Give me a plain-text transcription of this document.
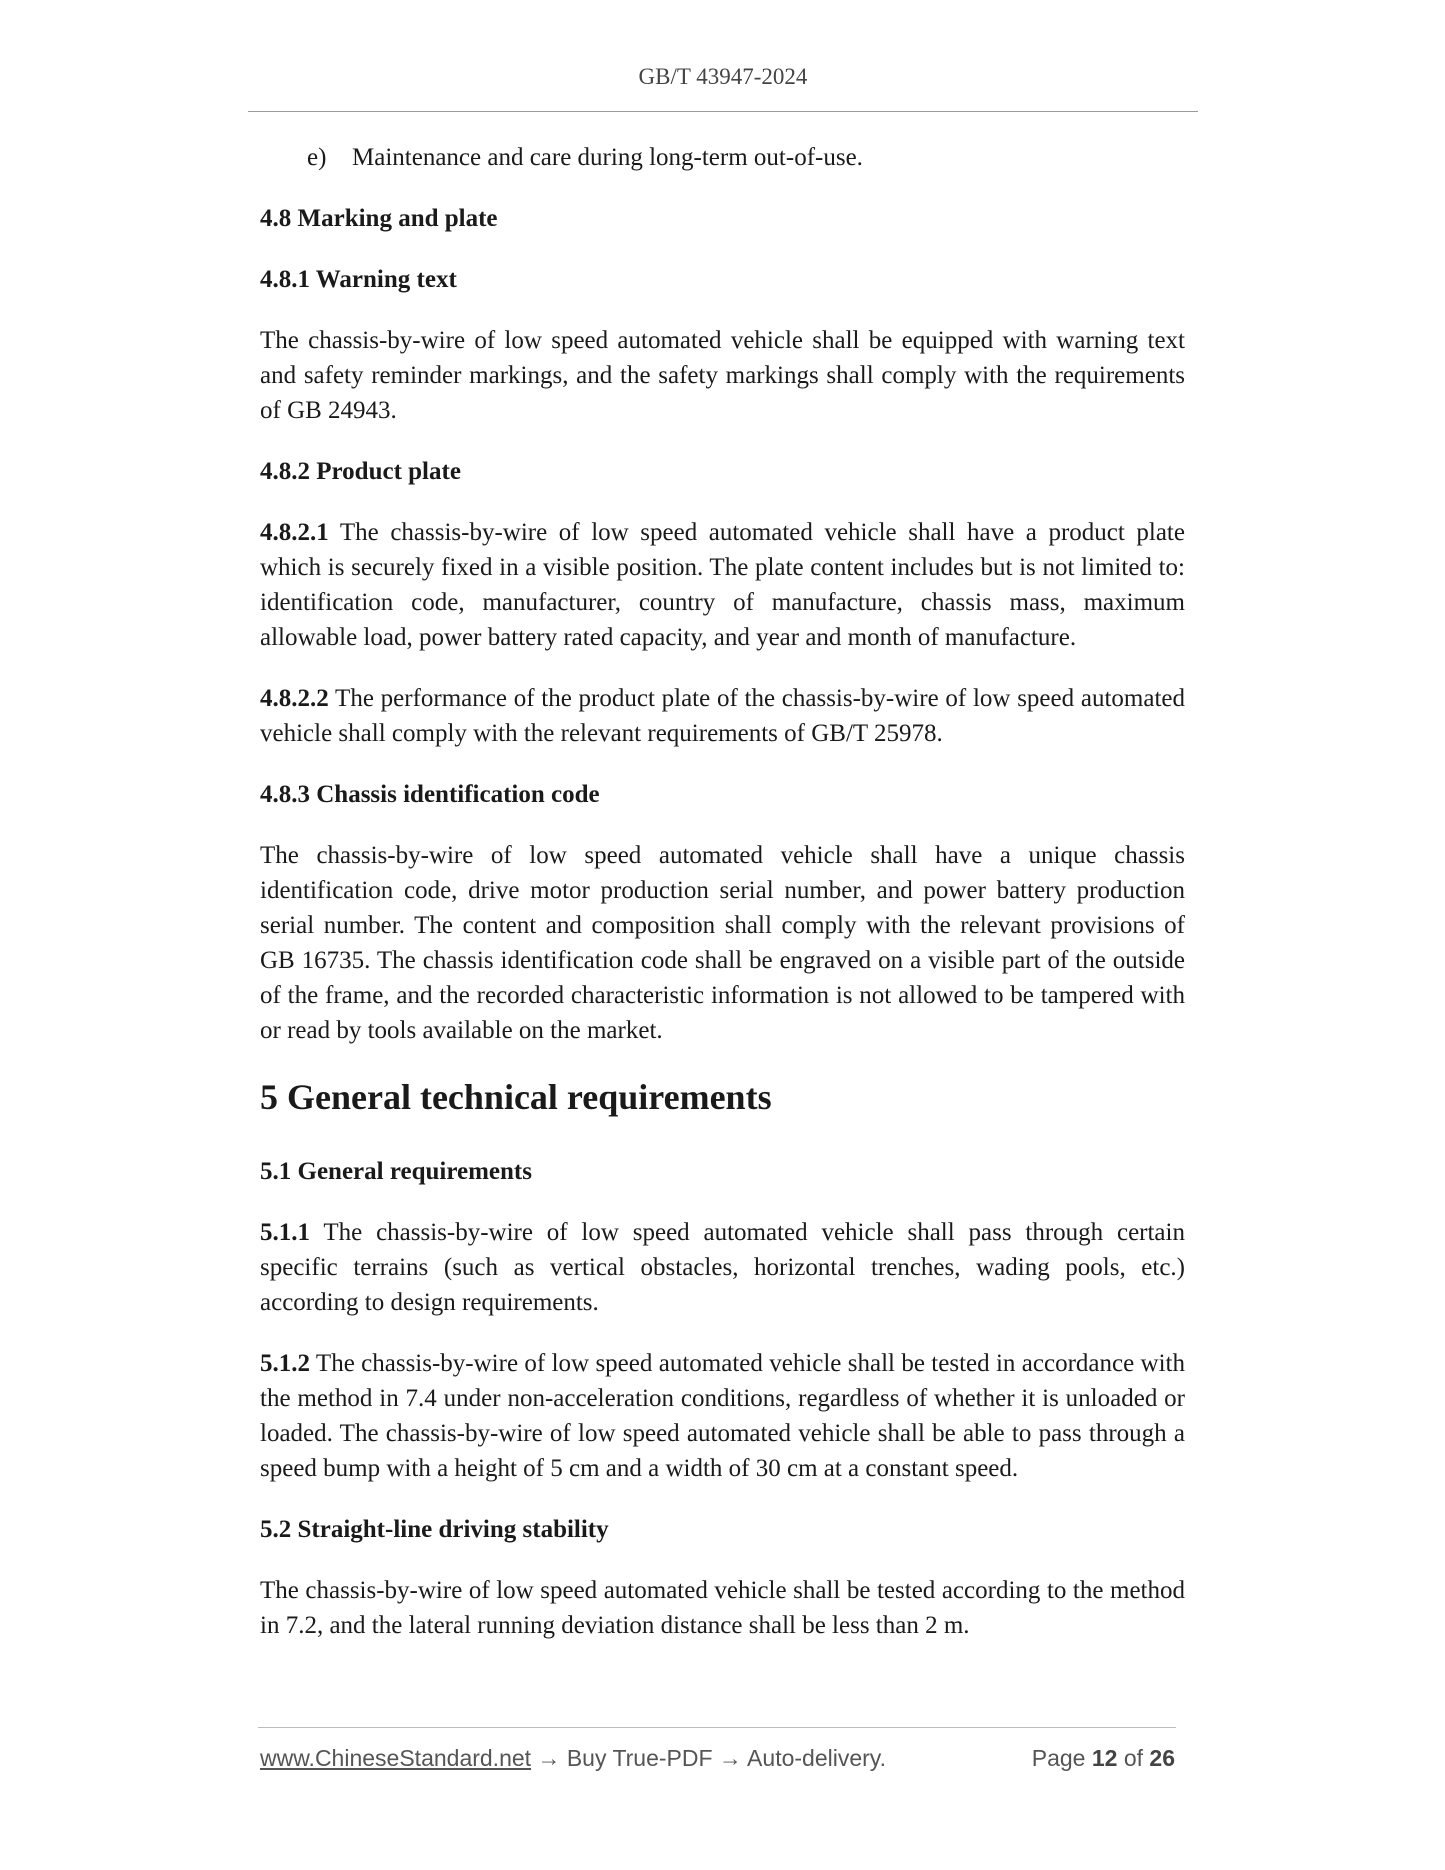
GB/T 43947-2024
e) Maintenance and care during long-term out-of-use.
4.8 Marking and plate
4.8.1 Warning text

The chassis-by-wire of low speed automated vehicle shall be equipped with warning text and safety reminder markings, and the safety markings shall comply with the requirements of GB 24943.

4.8.2 Product plate

4.8.2.1 The chassis-by-wire of low speed automated vehicle shall have a product plate which is securely fixed in a visible position. The plate content includes but is not limited to: identification code, manufacturer, country of manufacture, chassis mass, maximum allowable load, power battery rated capacity, and year and month of manufacture.

4.8.2.2 The performance of the product plate of the chassis-by-wire of low speed automated vehicle shall comply with the relevant requirements of GB/T 25978.

4.8.3 Chassis identification code

The chassis-by-wire of low speed automated vehicle shall have a unique chassis identification code, drive motor production serial number, and power battery production serial number. The content and composition shall comply with the relevant provisions of GB 16735. The chassis identification code shall be engraved on a visible part of the outside of the frame, and the recorded characteristic information is not allowed to be tampered with or read by tools available on the market.

5 General technical requirements
5.1 General requirements

5.1.1 The chassis-by-wire of low speed automated vehicle shall pass through certain specific terrains (such as vertical obstacles, horizontal trenches, wading pools, etc.) according to design requirements.

5.1.2 The chassis-by-wire of low speed automated vehicle shall be tested in accordance with the method in 7.4 under non-acceleration conditions, regardless of whether it is unloaded or loaded. The chassis-by-wire of low speed automated vehicle shall be able to pass through a speed bump with a height of 5 cm and a width of 30 cm at a constant speed.

5.2 Straight-line driving stability

The chassis-by-wire of low speed automated vehicle shall be tested according to the method in 7.2, and the lateral running deviation distance shall be less than 2 m.

www.ChineseStandard.net → Buy True-PDF → Auto-delivery.	Page 12 of 26
